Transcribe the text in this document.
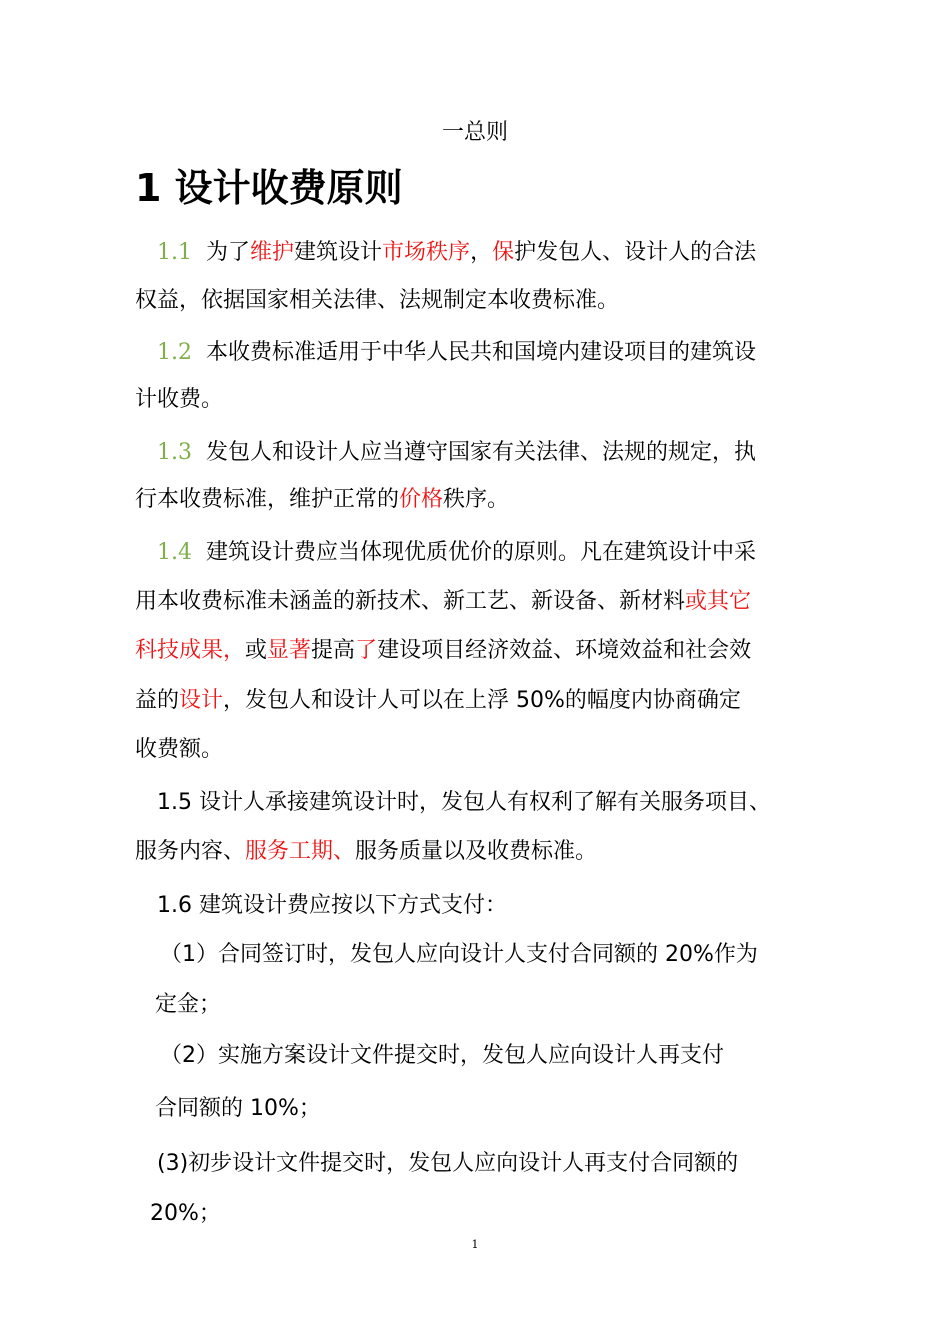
一总则
1 设计收费原则
1.1 为了维护建筑设计市场秩序，保护发包人、设计人的合法
权益，依据国家相关法律、法规制定本收费标准。
1.2 本收费标准适用于中华人民共和国境内建设项目的建筑设
计收费。
1.3 发包人和设计人应当遵守国家有关法律、法规的规定，执
行本收费标准，维护正常的价格秩序。
1.4 建筑设计费应当体现优质优价的原则。凡在建筑设计中采
用本收费标准未涵盖的新技术、新工艺、新设备、新材料或其它
科技成果，或显著提高了建设项目经济效益、环境效益和社会效
益的设计，发包人和设计人可以在上浮 50%的幅度内协商确定
收费额。
1.5 设计人承接建筑设计时，发包人有权利了解有关服务项目、
服务内容、服务工期、服务质量以及收费标准。
1.6 建筑设计费应按以下方式支付：
（1）合同签订时，发包人应向设计人支付合同额的 20%作为
定金；
（2）实施方案设计文件提交时，发包人应向设计人再支付
合同额的 10%；
(3)初步设计文件提交时，发包人应向设计人再支付合同额的
20%；
1
